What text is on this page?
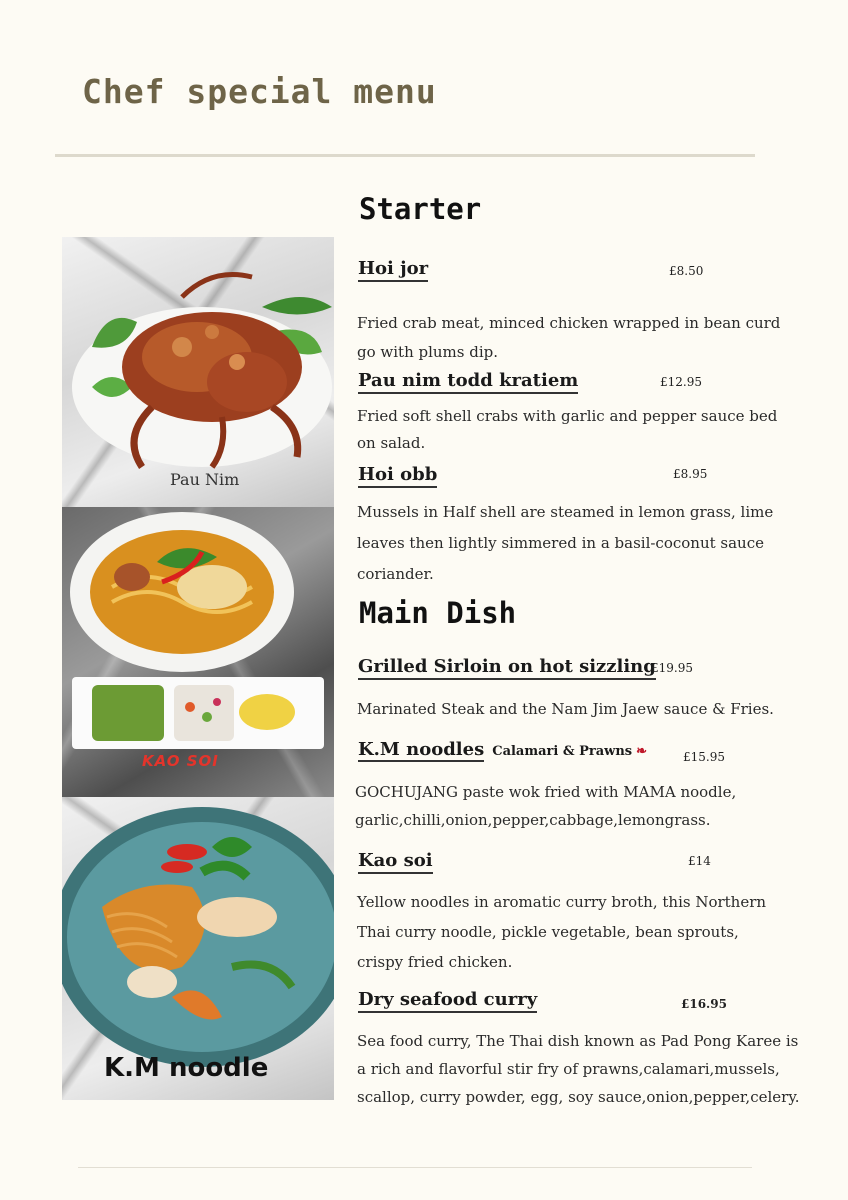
Chef special menu
Pau Nim
KAO SOI
K.M noodle
Starter
Hoi jor	£8.50
Fried crab meat, minced chicken wrapped in bean curd go with plums dip.
Pau nim todd kratiem	£12.95
Fried soft shell crabs with garlic and pepper sauce bed on salad.
Hoi obb	£8.95
Mussels in Half shell are steamed in lemon grass, lime leaves then lightly simmered in a basil-coconut sauce coriander.
Main Dish
Grilled Sirloin on hot sizzling
£19.95
Marinated Steak and the Nam Jim Jaew sauce & Fries.
K.M noodles Calamari & Prawns ❧	£15.95
GOCHUJANG paste wok fried with MAMA noodle, garlic,chilli,onion,pepper,cabbage,lemongrass.
Kao soi	£14
Yellow noodles in aromatic curry broth, this Northern Thai curry noodle, pickle vegetable, bean sprouts, crispy fried chicken.
Dry seafood curry	£16.95
Sea food curry, The Thai dish known as Pad Pong Karee is a rich and flavorful stir fry of prawns,calamari,mussels, scallop, curry powder, egg, soy sauce,onion,pepper,celery.
